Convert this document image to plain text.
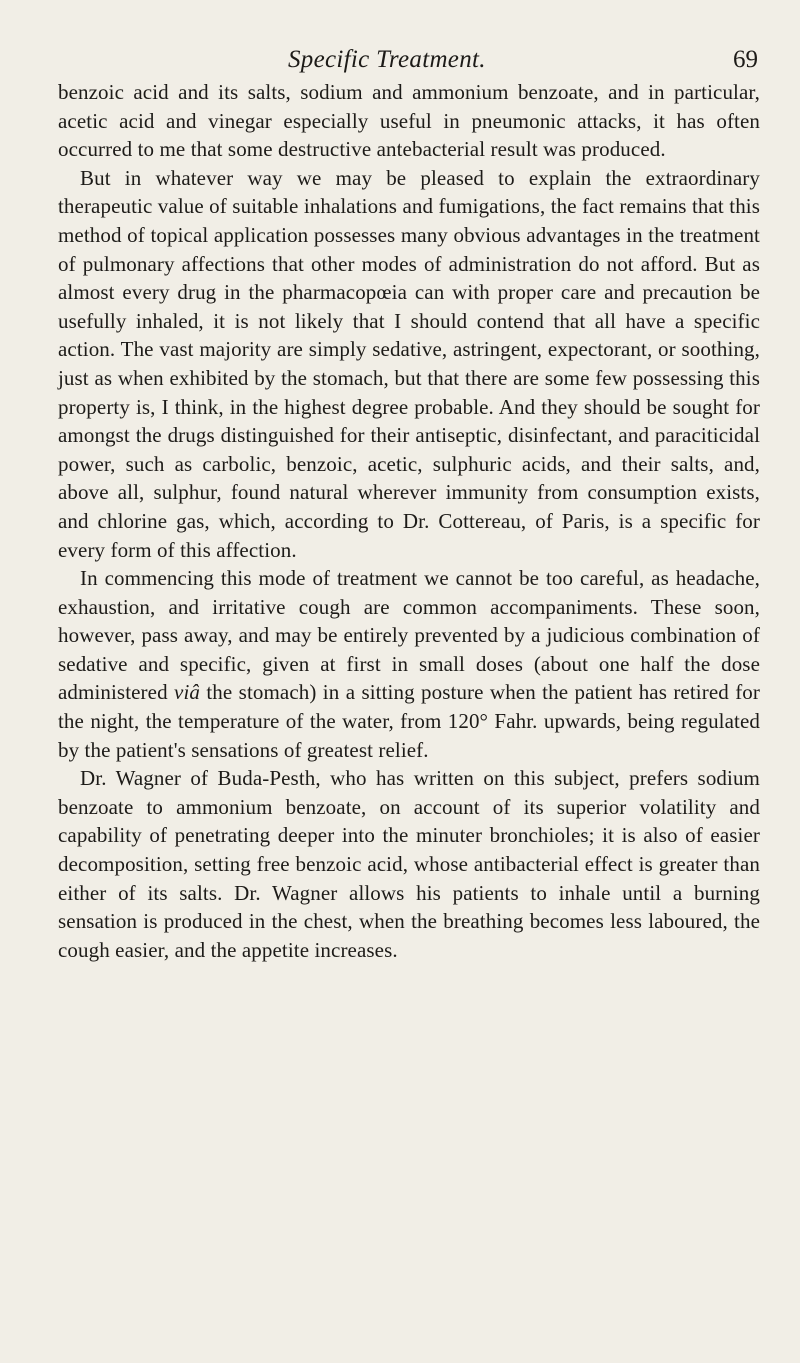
Specific Treatment.	69

benzoic acid and its salts, sodium and ammonium benzoate, and in particular, acetic acid and vinegar especially useful in pneumonic attacks, it has often occurred to me that some destructive antebacterial result was produced.

But in whatever way we may be pleased to explain the extraordinary therapeutic value of suitable inhalations and fumigations, the fact remains that this method of topical application possesses many obvious advantages in the treatment of pulmonary affections that other modes of administration do not afford. But as almost every drug in the pharmacopœia can with proper care and precaution be usefully inhaled, it is not likely that I should contend that all have a specific action. The vast majority are simply sedative, astringent, expectorant, or soothing, just as when exhibited by the stomach, but that there are some few possessing this property is, I think, in the highest degree probable. And they should be sought for amongst the drugs distinguished for their antiseptic, disinfectant, and paraciticidal power, such as carbolic, benzoic, acetic, sulphuric acids, and their salts, and, above all, sulphur, found natural wherever immunity from consumption exists, and chlorine gas, which, according to Dr. Cottereau, of Paris, is a specific for every form of this affection.

In commencing this mode of treatment we cannot be too careful, as headache, exhaustion, and irritative cough are common accompaniments. These soon, however, pass away, and may be entirely prevented by a judicious combination of sedative and specific, given at first in small doses (about one half the dose administered viâ the stomach) in a sitting posture when the patient has retired for the night, the temperature of the water, from 120° Fahr. upwards, being regulated by the patient's sensations of greatest relief.

Dr. Wagner of Buda-Pesth, who has written on this subject, prefers sodium benzoate to ammonium benzoate, on account of its superior volatility and capability of penetrating deeper into the minuter bronchioles; it is also of easier decomposition, setting free benzoic acid, whose antibacterial effect is greater than either of its salts. Dr. Wagner allows his patients to inhale until a burning sensation is produced in the chest, when the breathing becomes less laboured, the cough easier, and the appetite increases.
